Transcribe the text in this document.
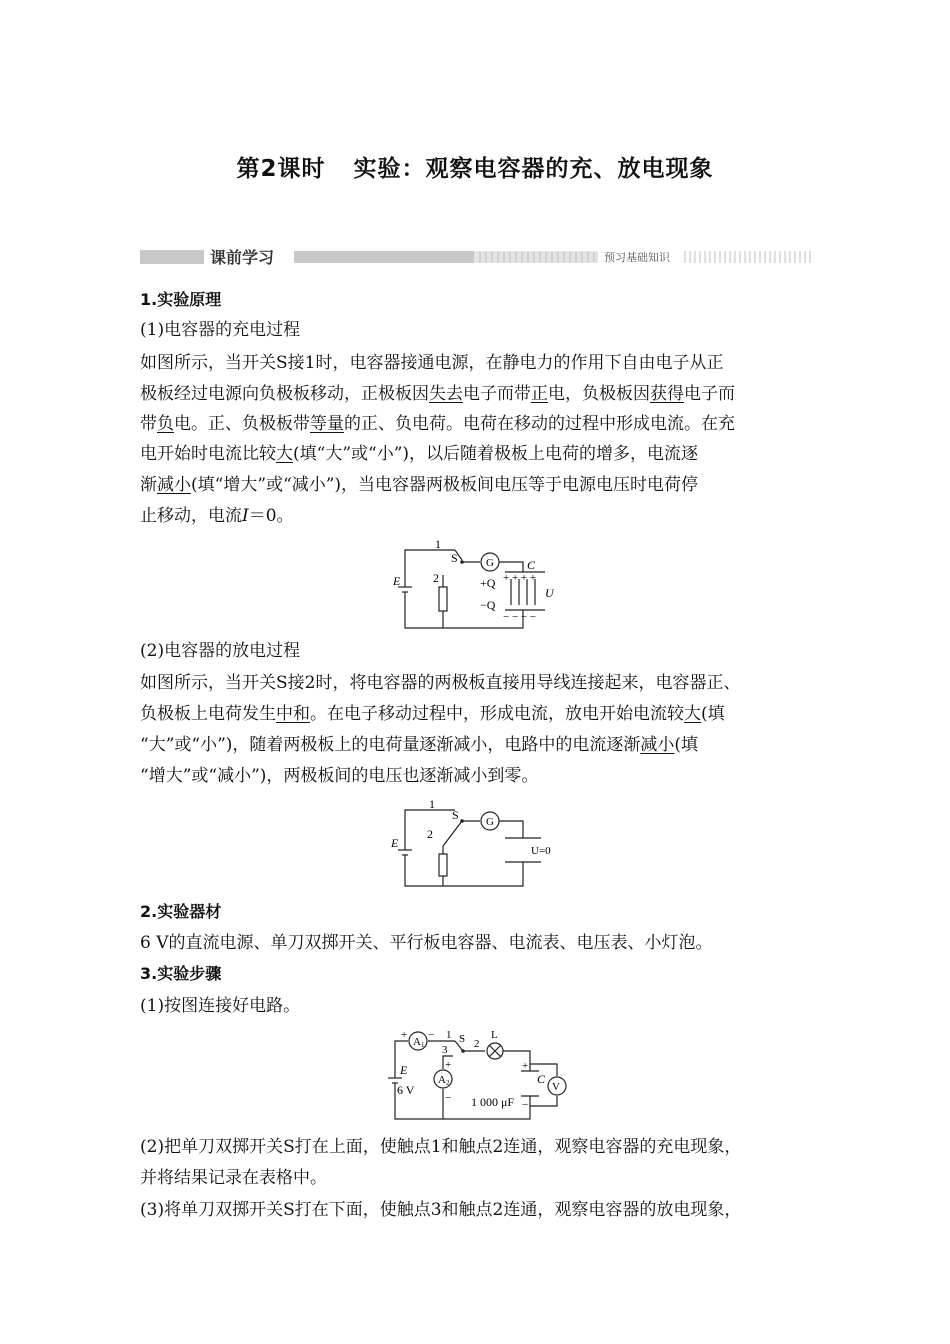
第2课时 实验：观察电容器的充、放电现象
课前学习	预习基础知识
1.实验原理
(1)电容器的充电过程
如图所示，当开关S接1时，电容器接通电源，在静电力的作用下自由电子从正
极板经过电源向负极板移动，正极板因失去电子而带正电，负极板因获得电子而
带负电。正、负极板带等量的正、负电荷。电荷在移动的过程中形成电流。在充
电开始时电流比较大(填“大”或“小”)，以后随着极板上电荷的增多，电流逐
渐减小(填“增大”或“减小”)，当电容器两极板间电压等于电源电压时电荷停
止移动，电流I＝0。
1
S	G	C
E	2	+Q
−Q
+ + + +
− − − −
U
(2)电容器的放电过程
如图所示，当开关S接2时，将电容器的两极板直接用导线连接起来，电容器正、
负极板上电荷发生中和。在电子移动过程中，形成电流，放电开始电流较大(填
“大”或“小”)，随着两极板上的电荷量逐渐减小，电路中的电流逐渐减小(填
“增大”或“减小”)，两极板间的电压也逐渐减小到零。
1
2
S G
E
U=0
2.实验器材
6 V的直流电源、单刀双掷开关、平行板电容器、电流表、电压表、小灯泡。
3.实验步骤
(1)按图连接好电路。
A 1
A 2
+ − 1
3
S 2
L
+
−
E
6 V
+
−
C
1 000 μF
V
(2)把单刀双掷开关S打在上面，使触点1和触点2连通，观察电容器的充电现象，
并将结果记录在表格中。
(3)将单刀双掷开关S打在下面，使触点3和触点2连通，观察电容器的放电现象，
